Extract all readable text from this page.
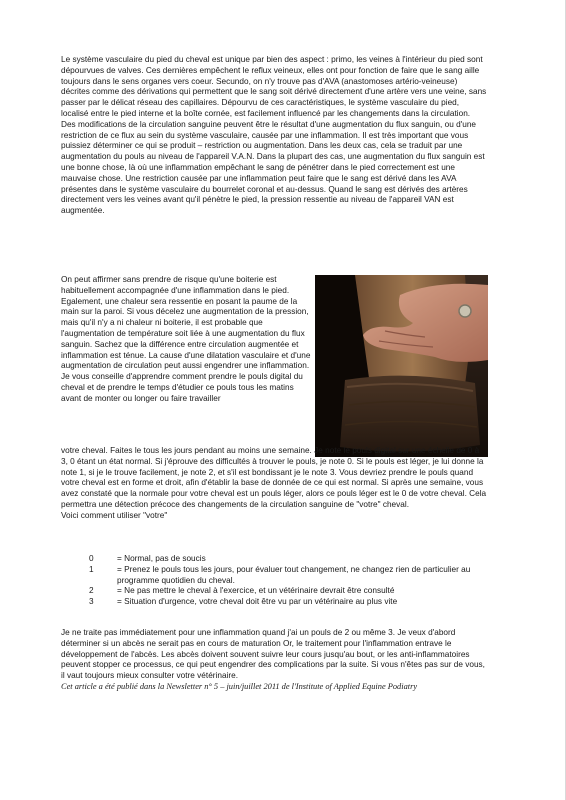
Le système vasculaire du pied du cheval est unique par bien des aspect : primo, les veines à l'intérieur du pied sont dépourvues de valves. Ces dernières empêchent le reflux veineux, elles ont pour fonction de faire que le sang aille toujours dans le sens organes vers coeur. Secundo, on n'y trouve pas d'AVA (anastomoses artério-veineuse) décrites comme des dérivations qui permettent que le sang soit dérivé directement d'une artère vers une veine, sans passer par le délicat réseau des capillaires. Dépourvu de ces caractéristiques, le système vasculaire du pied, localisé entre le pied interne et la boîte cornée, est facilement influencé par les changements dans la circulation.

Des modifications de la circulation sanguine peuvent être le résultat d'une augmentation du flux sanguin, ou d'une restriction de ce flux au sein du système vasculaire, causée par une inflammation. Il est très important que vous puissiez déterminer ce qui se produit – restriction ou augmentation. Dans les deux cas, cela se traduit par une augmentation du pouls au niveau de l'appareil V.A.N. Dans la plupart des cas, une augmentation du flux sanguin est une bonne chose, là où une inflammation empêchant le sang de pénétrer dans le pied correctement est une mauvaise chose. Une restriction causée par une inflammation peut faire que le sang est dérivé dans les AVA présentes dans le système vasculaire du bourrelet coronal et au-dessus. Quand le sang est dérivés des artères directement vers les veines avant qu'il pénètre le pied, la pression ressentie au niveau de l'appareil VAN est augmentée.

On peut affirmer sans prendre de risque qu'une boiterie est habituellement accompagnée d'une inflammation dans le pied. Egalement, une chaleur sera ressentie en posant la paume de la main sur la paroi. Si vous décelez une augmentation de la pression, mais qu'il n'y a ni chaleur ni boiterie, il est probable que l'augmentation de température soit liée à une augmentation du flux sanguin. Sachez que la différence entre circulation augmentée et inflammation est ténue. La cause d'une dilatation vasculaire et d'une augmentation de circulation peut aussi engendrer une inflammation.

Je vous conseille d'apprendre comment prendre le pouls digital du cheval et de prendre le temps d'étudier ce pouls tous les matins avant de monter ou longer ou faire travailler

votre cheval. Faites le tous les jours pendant au moins une semaine. Je note le pouls digital sur une échelle de 0 à 3, 0 étant un état normal. Si j'éprouve des difficultés à trouver le pouls, je note 0. Si le pouls est léger, je lui donne la note 1, si je le trouve facilement, je note 2, et s'il est bondissant je le note 3. Vous devriez prendre le pouls quand votre cheval est en forme et droit, afin d'établir la base de donnée de ce qui est normal. Si après une semaine, vous avez constaté que la normale pour votre cheval est un pouls léger, alors ce pouls léger est le 0 de votre cheval. Cela permettra une détection précoce des changements de la circulation sanguine de "votre" cheval.

Voici comment utiliser "votre"

0	= Normal, pas de soucis
1	= Prenez le pouls tous les jours, pour évaluer tout changement, ne changez rien de particulier au programme quotidien du cheval.
2	= Ne pas mettre le cheval à l'exercice, et un vétérinaire devrait être consulté
3	= Situation d'urgence, votre cheval doit être vu par un vétérinaire au plus vite

Je ne traite pas immédiatement pour une inflammation quand j'ai un pouls de 2 ou même 3. Je veux d'abord déterminer si un abcès ne serait pas en cours de maturation Or, le traitement pour l'inflammation entrave le développement de l'abcès. Les abcès doivent souvent suivre leur cours jusqu'au bout, or les anti-inflammatoires peuvent stopper ce processus, ce qui peut engendrer des complications par la suite. Si vous n'êtes pas sur de vous, il vaut toujours mieux consulter votre vétérinaire.

Cet article a été publié dans la Newsletter n° 5 – juin/juillet 2011 de l'Institute of Applied Equine Podiatry
